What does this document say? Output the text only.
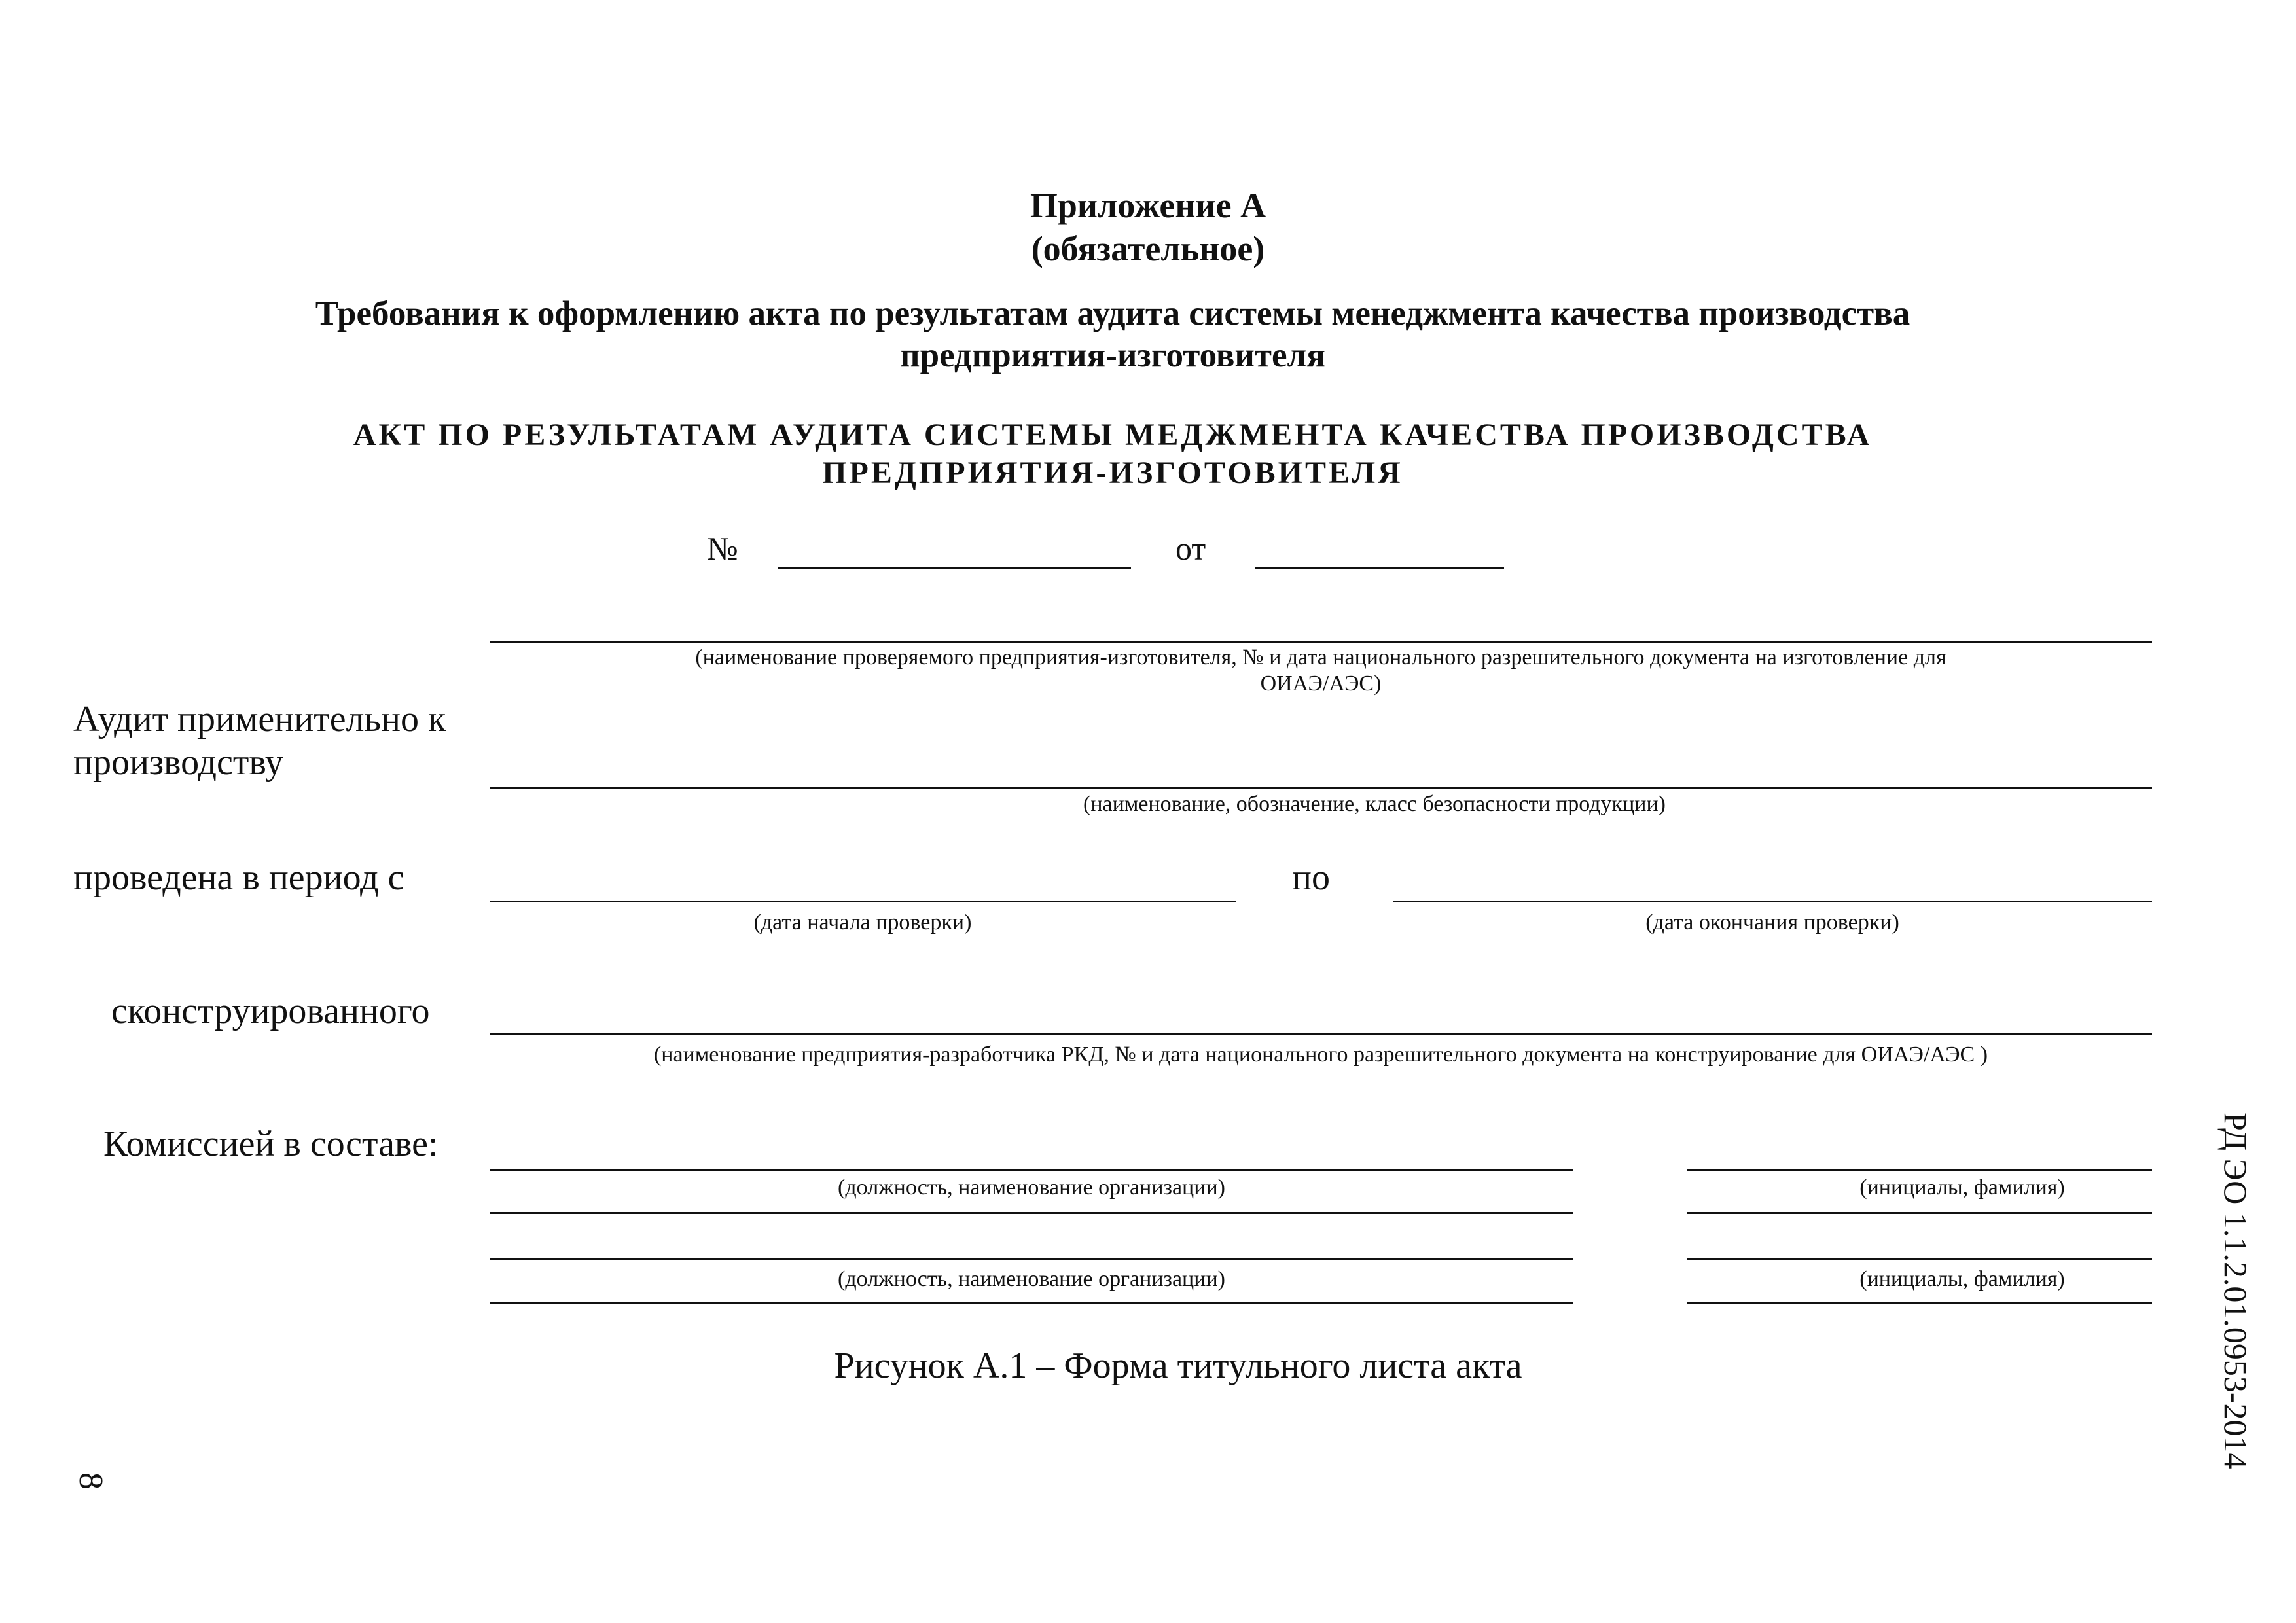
Приложение А
(обязательное)
Требования к оформлению акта по результатам аудита системы менеджмента качества производства
предприятия-изготовителя
АКТ ПО РЕЗУЛЬТАТАМ АУДИТА СИСТЕМЫ МЕДЖМЕНТА КАЧЕСТВА ПРОИЗВОДСТВА
ПРЕДПРИЯТИЯ-ИЗГОТОВИТЕЛЯ
№	от
(наименование проверяемого предприятия-изготовителя, № и дата национального разрешительного документа на изготовление для
ОИАЭ/АЭС)
Аудит применительно к
производству
(наименование, обозначение, класс безопасности продукции)
проведена в период с	по
(дата начала проверки)	(дата окончания проверки)
сконструированного
(наименование предприятия-разработчика РКД, № и дата национального разрешительного документа на конструирование для ОИАЭ/АЭС )
Комиссией в составе:
(должность, наименование организации)	(инициалы, фамилия)
(должность, наименование организации)	(инициалы, фамилия)
Рисунок А.1 – Форма титульного листа акта
8
РД ЭО 1.1.2.01.0953-2014
